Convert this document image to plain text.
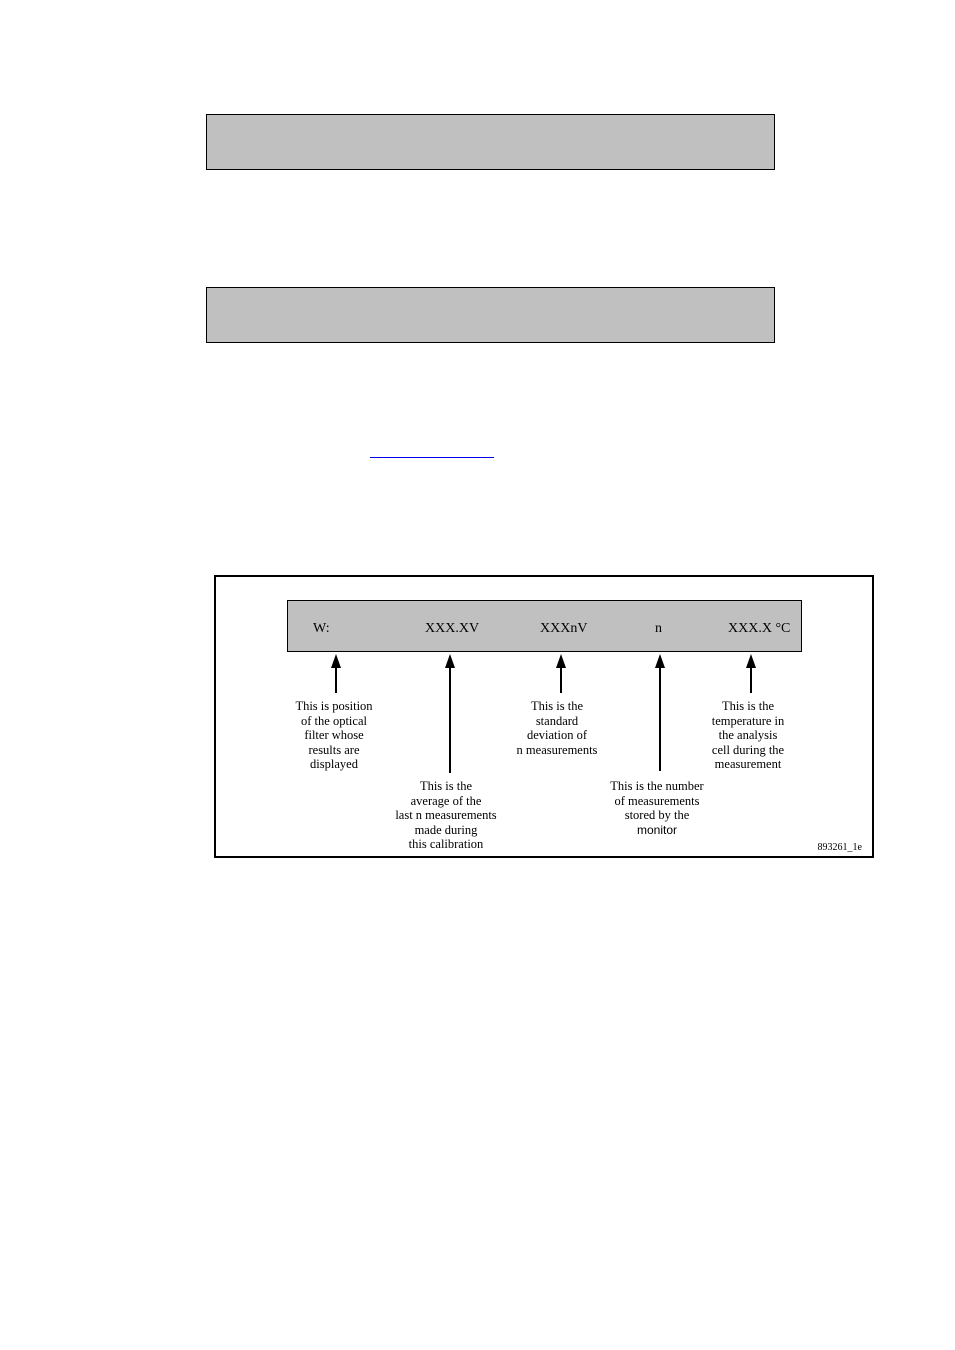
W:	XXX.XV	XXXnV	n	XXX.X °C
This is position
of the optical
filter whose
results are
displayed
This is the
average of the
last n measurements
made during
this calibration
This is the
standard
deviation of
n measurements
This is the number
of measurements
stored by the
monitor
This is the
temperature in
the analysis
cell during the
measurement
893261_1e
